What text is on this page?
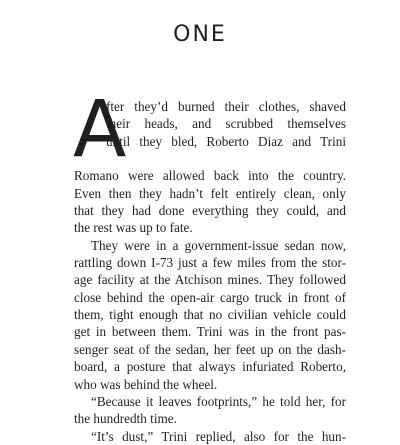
ONE
A
fter they’d burned their clothes, shaved
their heads, and scrubbed themselves
until they bled, Roberto Diaz and Trini
Romano were allowed back into the country.
Even then they hadn’t felt entirely clean, only
that they had done everything they could, and
the rest was up to fate.
They were in a government-issue sedan now,
rattling down I-73 just a few miles from the stor-
age facility at the Atchison mines. They followed
close behind the open-air cargo truck in front of
them, tight enough that no civilian vehicle could
get in between them. Trini was in the front pas-
senger seat of the sedan, her feet up on the dash-
board, a posture that always infuriated Roberto,
who was behind the wheel.
“Because it leaves footprints,” he told her, for
the hundredth time.
“It’s dust,” Trini replied, also for the hun-
